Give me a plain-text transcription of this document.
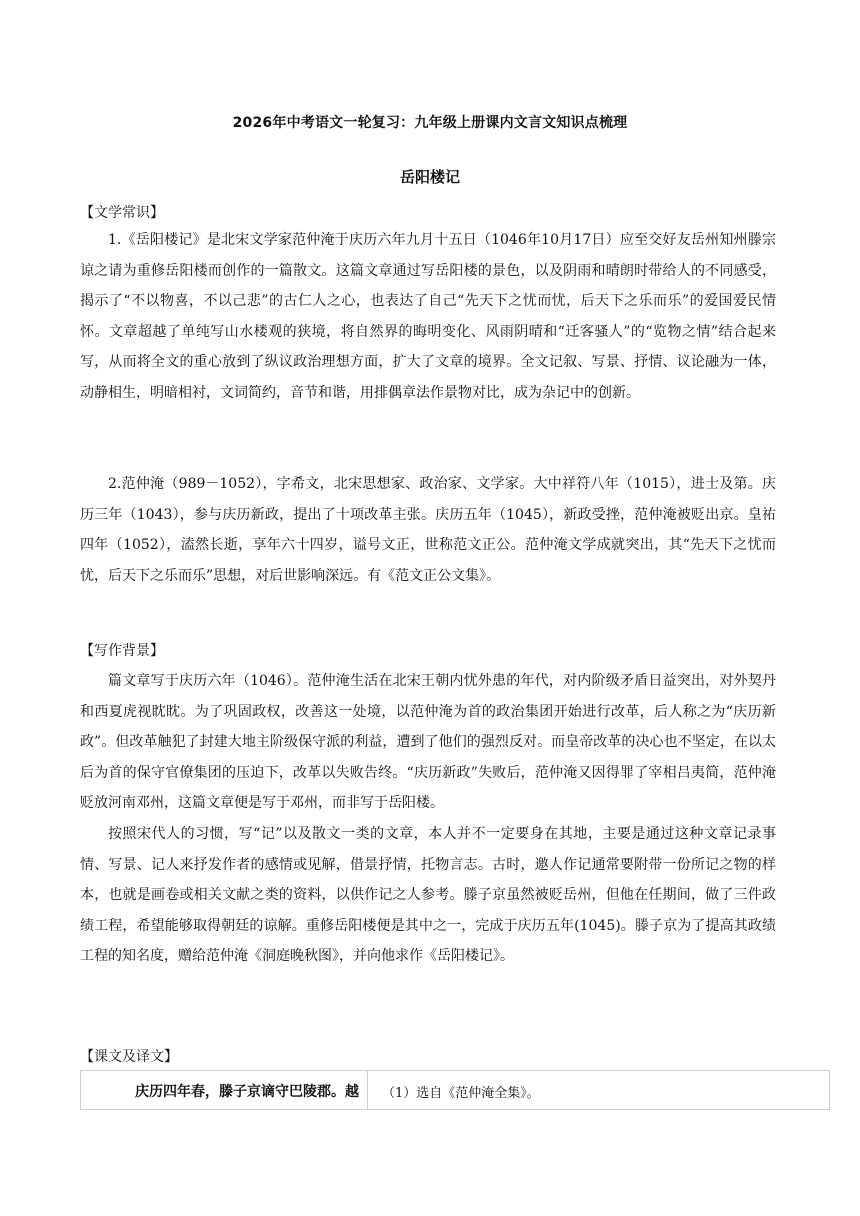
2026年中考语文一轮复习：九年级上册课内文言文知识点梳理
岳阳楼记
【文学常识】

1.《岳阳楼记》是北宋文学家范仲淹于庆历六年九月十五日（1046年10月17日）应至交好友岳州知州滕宗谅之请为重修岳阳楼而创作的一篇散文。这篇文章通过写岳阳楼的景色，以及阴雨和晴朗时带给人的不同感受，揭示了“不以物喜，不以己悲”的古仁人之心，也表达了自己“先天下之忧而忧，后天下之乐而乐”的爱国爱民情怀。文章超越了单纯写山水楼观的狭境，将自然界的晦明变化、风雨阴晴和“迁客骚人”的“览物之情”结合起来写，从而将全文的重心放到了纵议政治理想方面，扩大了文章的境界。全文记叙、写景、抒情、议论融为一体，动静相生，明暗相衬，文词简约，音节和谐，用排偶章法作景物对比，成为杂记中的创新。

2.范仲淹（989－1052），字希文，北宋思想家、政治家、文学家。大中祥符八年（1015），进士及第。庆历三年（1043），参与庆历新政，提出了十项改革主张。庆历五年（1045），新政受挫，范仲淹被贬出京。皇祐四年（1052），溘然长逝，享年六十四岁，谥号文正，世称范文正公。范仲淹文学成就突出，其“先天下之忧而忧，后天下之乐而乐”思想，对后世影响深远。有《范文正公文集》。

【写作背景】

篇文章写于庆历六年（1046）。范仲淹生活在北宋王朝内忧外患的年代，对内阶级矛盾日益突出，对外契丹和西夏虎视眈眈。为了巩固政权，改善这一处境，以范仲淹为首的政治集团开始进行改革，后人称之为“庆历新政”。但改革触犯了封建大地主阶级保守派的利益，遭到了他们的强烈反对。而皇帝改革的决心也不坚定，在以太后为首的保守官僚集团的压迫下，改革以失败告终。“庆历新政”失败后，范仲淹又因得罪了宰相吕夷简，范仲淹贬放河南邓州，这篇文章便是写于邓州，而非写于岳阳楼。

按照宋代人的习惯，写“记”以及散文一类的文章，本人并不一定要身在其地，主要是通过这种文章记录事情、写景、记人来抒发作者的感情或见解，借景抒情，托物言志。古时，邀人作记通常要附带一份所记之物的样本，也就是画卷或相关文献之类的资料，以供作记之人参考。滕子京虽然被贬岳州，但他在任期间，做了三件政绩工程，希望能够取得朝廷的谅解。重修岳阳楼便是其中之一，完成于庆历五年(1045)。滕子京为了提高其政绩工程的知名度，赠给范仲淹《洞庭晚秋图》，并向他求作《岳阳楼记》。

【课文及译文】
庆历四年春，滕子京谪守巴陵郡。越	（1）选自《范仲淹全集》。
